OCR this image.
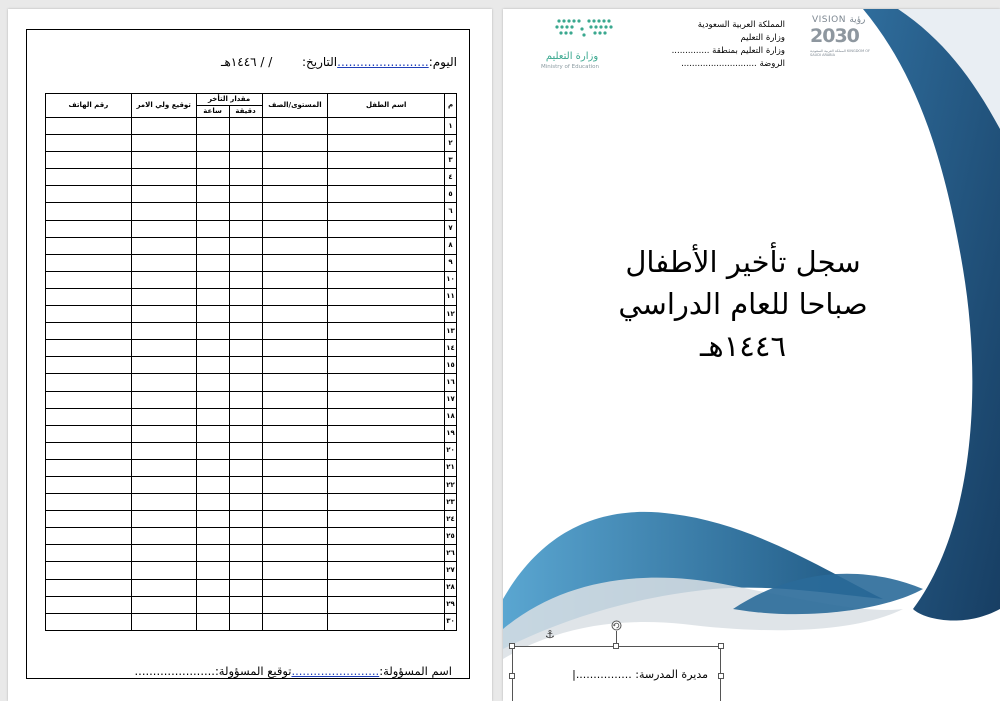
اليوم:........................التاريخ:  / / ١٤٤٦هـ
م	اسم الطفل	المستوى/الصف	مقدار التأخر		توقيع ولي الامر	رقم الهاتف
			دقيقة	ساعة		
١						
٢						
٣						
٤						
٥						
٦						
٧						
٨						
٩						
١٠						
١١						
١٢						
١٣						
١٤						
١٥						
١٦						
١٧						
١٨						
١٩						
٢٠						
٢١						
٢٢						
٢٣						
٢٤						
٢٥						
٢٦						
٢٧						
٢٨						
٢٩						
٣٠						
اسم المسؤولة:........................توقيع المسؤولة:......................
VISION رؤية
2030
المملكة العربية السعودية KINGDOM OF SAUDI ARABIA
المملكة العربية السعودية
وزارة التعليم
وزارة التعليم بمنطقة ..............
الروضة ............................
وزارة التعليم
Ministry of Education
سجل تأخير الأطفال
صباحا للعام الدراسي
١٤٤٦هـ
⚓
مديرة المدرسة: ................|
